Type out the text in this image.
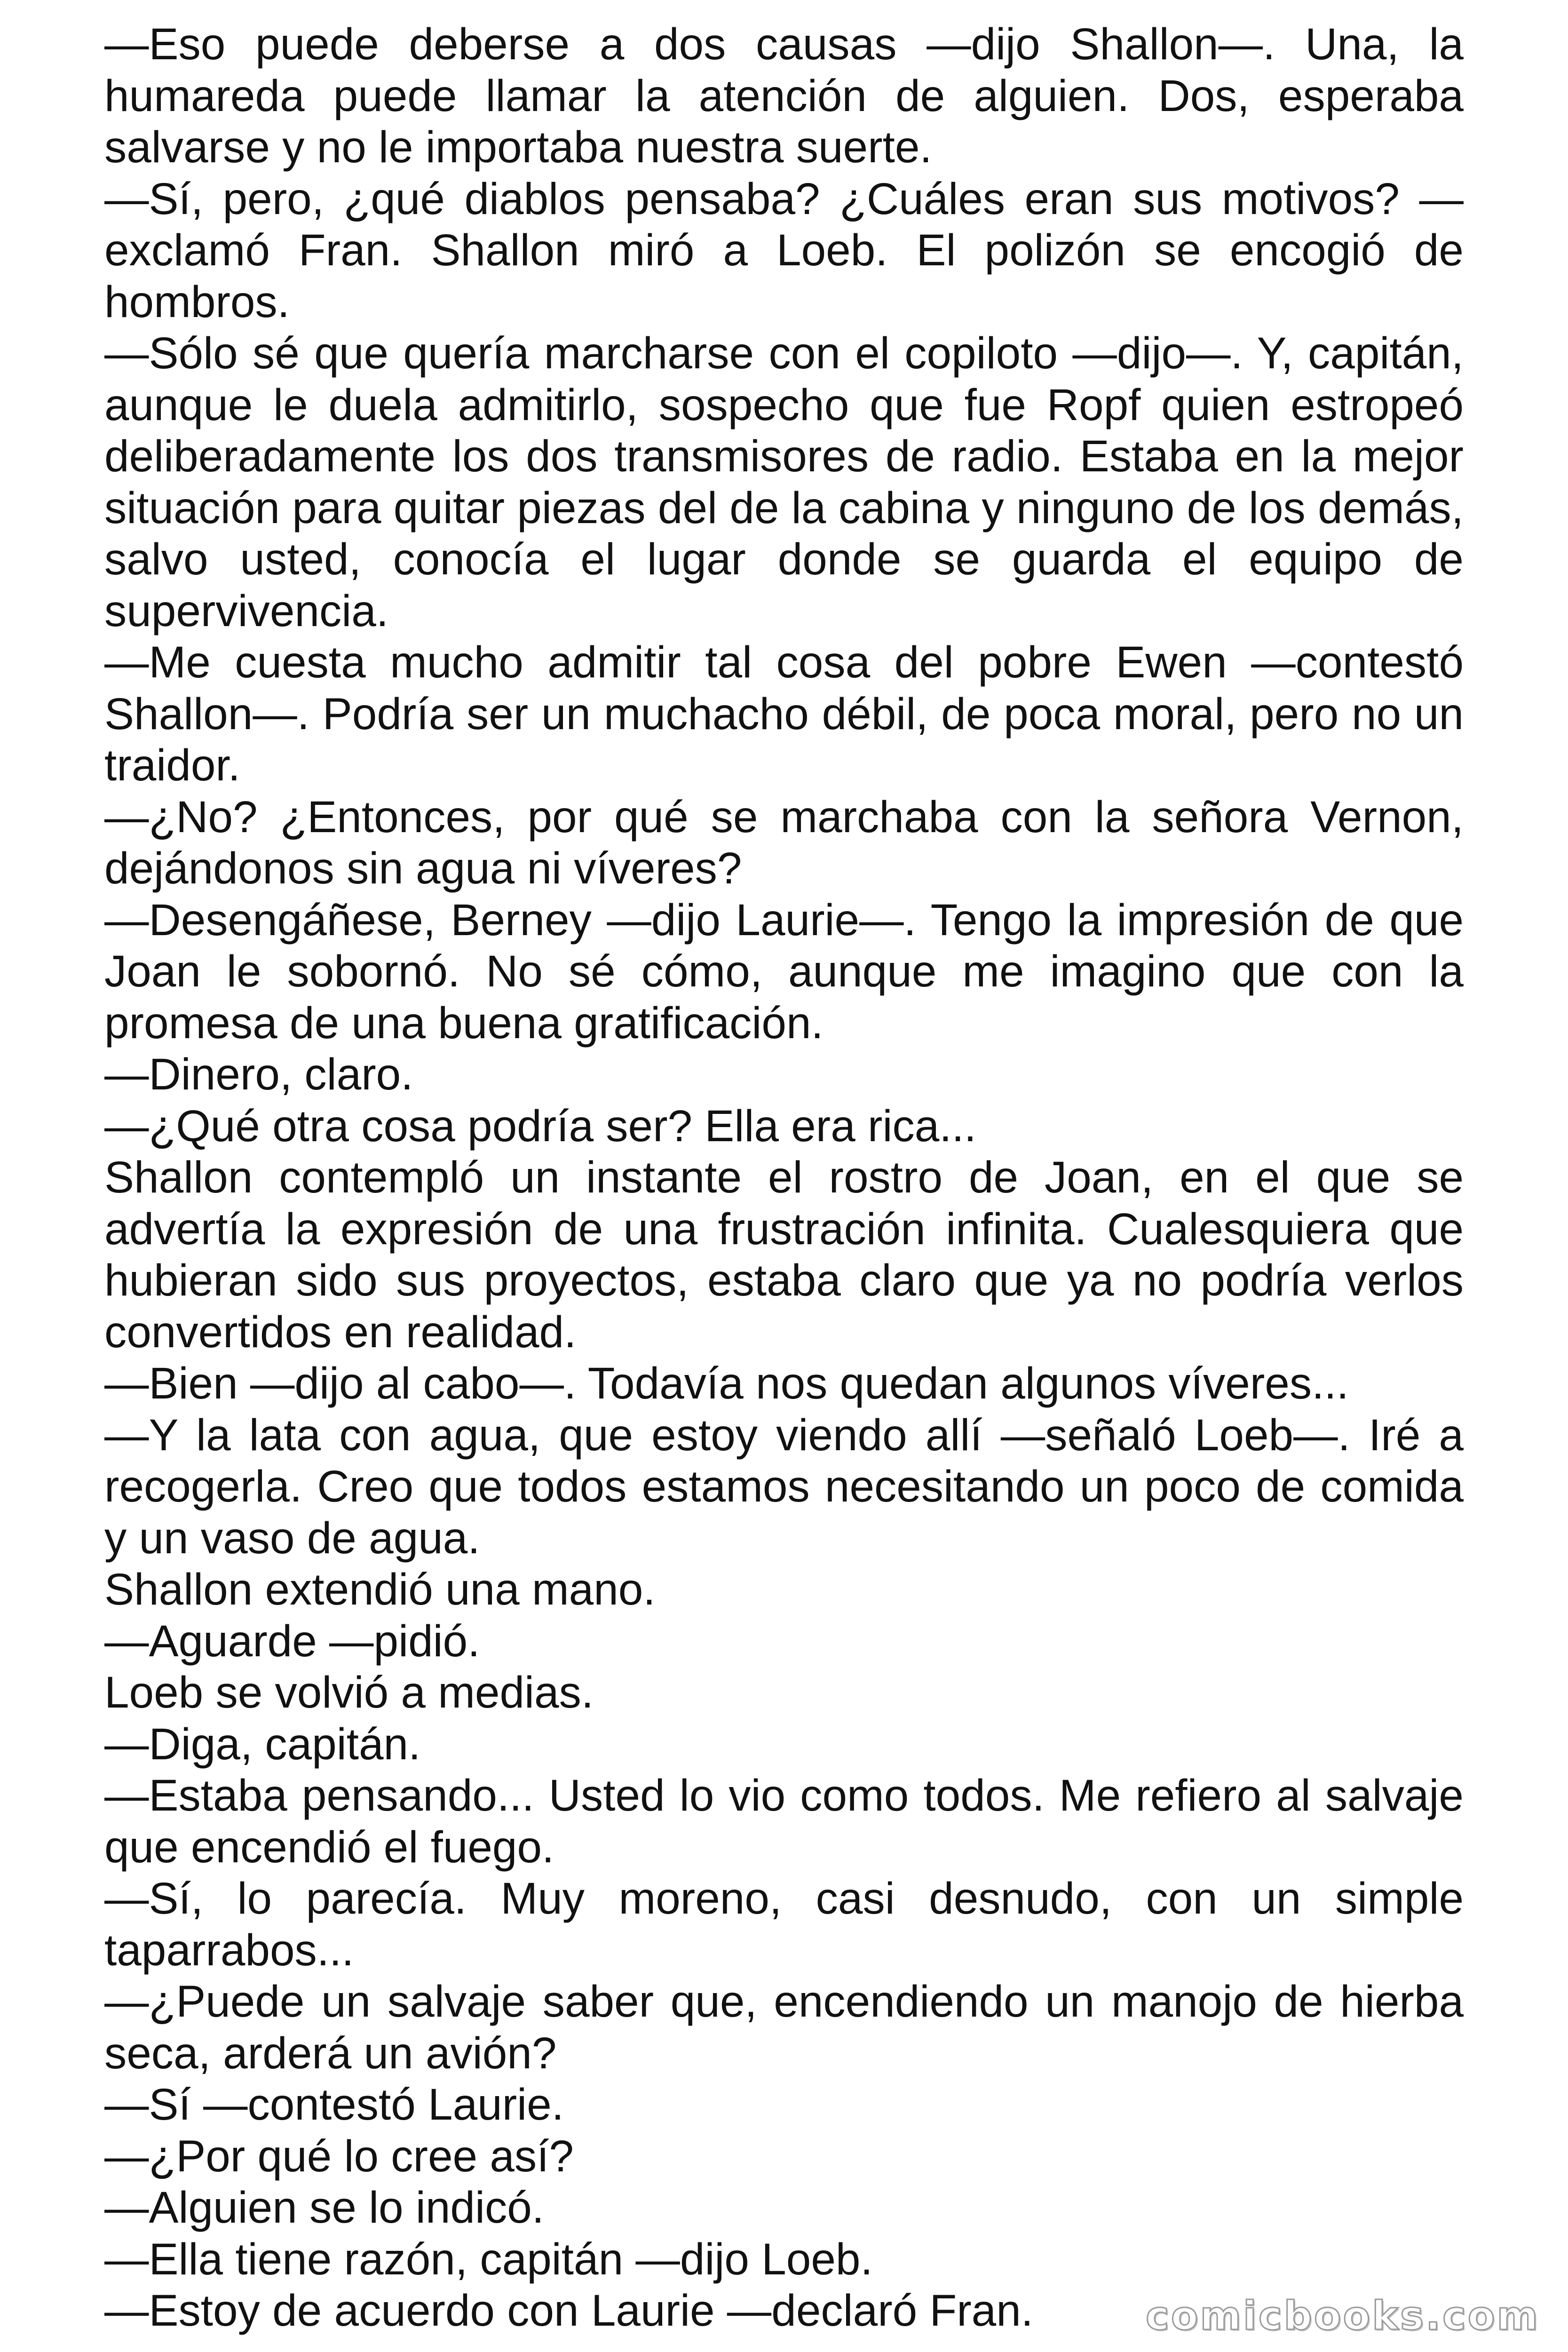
—Eso puede deberse a dos causas —dijo Shallon—. Una, la humareda puede llamar la atención de alguien. Dos, esperaba salvarse y no le importaba nuestra suerte.

—Sí, pero, ¿qué diablos pensaba? ¿Cuáles eran sus motivos? —exclamó Fran. Shallon miró a Loeb. El polizón se encogió de hombros.

—Sólo sé que quería marcharse con el copiloto —dijo—. Y, capitán, aunque le duela admitirlo, sospecho que fue Ropf quien estropeó deliberadamente los dos transmisores de radio. Estaba en la mejor situación para quitar piezas del de la cabina y ninguno de los demás, salvo usted, conocía el lugar donde se guarda el equipo de supervivencia.

—Me cuesta mucho admitir tal cosa del pobre Ewen —contestó Shallon—. Podría ser un muchacho débil, de poca moral, pero no un traidor.

—¿No? ¿Entonces, por qué se marchaba con la señora Vernon, dejándonos sin agua ni víveres?

—Desengáñese, Berney —dijo Laurie—. Tengo la impresión de que Joan le sobornó. No sé cómo, aunque me imagino que con la promesa de una buena gratificación.

—Dinero, claro.

—¿Qué otra cosa podría ser? Ella era rica...

Shallon contempló un instante el rostro de Joan, en el que se advertía la expresión de una frustración infinita. Cualesquiera que hubieran sido sus proyectos, estaba claro que ya no podría verlos convertidos en realidad.

—Bien —dijo al cabo—. Todavía nos quedan algunos víveres...

—Y la lata con agua, que estoy viendo allí —señaló Loeb—. Iré a recogerla. Creo que todos estamos necesitando un poco de comida y un vaso de agua.

Shallon extendió una mano.

—Aguarde —pidió.

Loeb se volvió a medias.

—Diga, capitán.

—Estaba pensando... Usted lo vio como todos. Me refiero al salvaje que encendió el fuego.

—Sí, lo parecía. Muy moreno, casi desnudo, con un simple taparrabos...

—¿Puede un salvaje saber que, encendiendo un manojo de hierba seca, arderá un avión?

—Sí —contestó Laurie.

—¿Por qué lo cree así?

—Alguien se lo indicó.

—Ella tiene razón, capitán —dijo Loeb.

—Estoy de acuerdo con Laurie —declaró Fran.	comicbooks.com
